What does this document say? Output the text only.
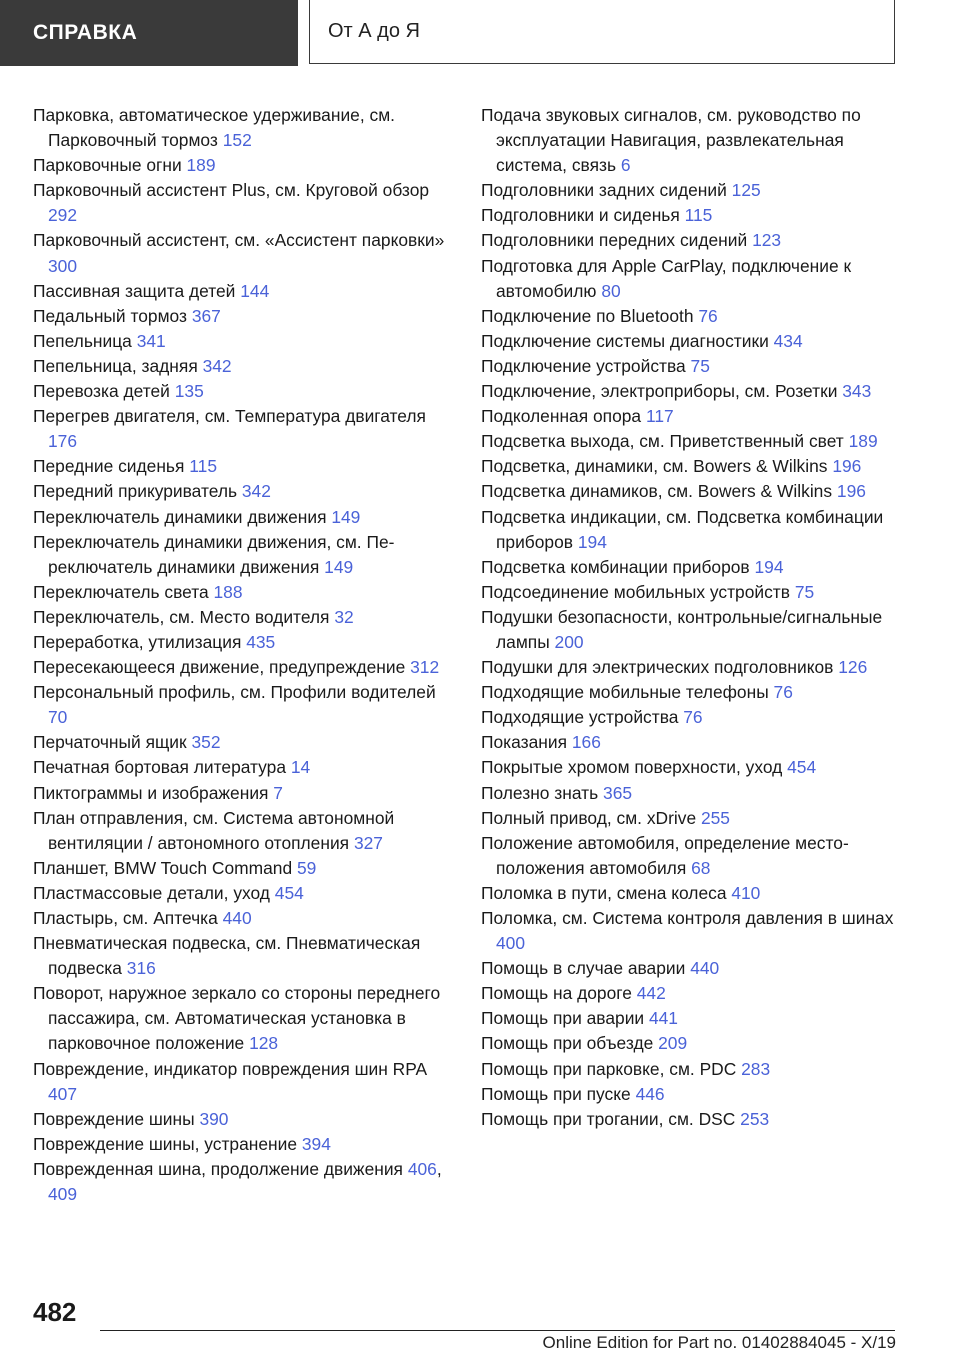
СПРАВКА	От А до Я

Парковка, автоматическое удерживание, см. Парковочный тормоз 152

Парковочные огни 189

Парковочный ассистент Plus, см. Круговой обзор 292

Парковочный ассистент, см. «Ассистент парковки» 300

Пассивная защита детей 144

Педальный тормоз 367

Пепельница 341

Пепельница, задняя 342

Перевозка детей 135

Перегрев двигателя, см. Температура двигателя 176

Передние сиденья 115

Передний прикуриватель 342

Переключатель динамики движения 149

Переключатель динамики движения, см. Переключатель динамики движения 149

Переключатель света 188

Переключатель, см. Место водителя 32

Переработка, утилизация 435

Пересекающееся движение, предупреждение 312

Персональный профиль, см. Профили водителей 70

Перчаточный ящик 352

Печатная бортовая литература 14

Пиктограммы и изображения 7

План отправления, см. Система автономной вентиляции / автономного отопления 327

Планшет, BMW Touch Command 59

Пластмассовые детали, уход 454

Пластырь, см. Аптечка 440

Пневматическая подвеска, см. Пневматическая подвеска 316

Поворот, наружное зеркало со стороны переднего пассажира, см. Автоматическая установка в парковочное положение 128

Повреждение, индикатор повреждения шин RPA 407

Повреждение шины 390

Повреждение шины, устранение 394

Поврежденная шина, продолжение движения 406, 409

Подача звуковых сигналов, см. руководство по эксплуатации Навигация, развлекательная система, связь 6

Подголовники задних сидений 125

Подголовники и сиденья 115

Подголовники передних сидений 123

Подготовка для Apple CarPlay, подключение к автомобилю 80

Подключение по Bluetooth 76

Подключение системы диагностики 434

Подключение устройства 75

Подключение, электроприборы, см. Розетки 343

Подколенная опора 117

Подсветка выхода, см. Приветственный свет 189

Подсветка, динамики, см. Bowers & Wilkins 196

Подсветка динамиков, см. Bowers & Wilkins 196

Подсветка индикации, см. Подсветка комбинации приборов 194

Подсветка комбинации приборов 194

Подсоединение мобильных устройств 75

Подушки безопасности, контрольные/сигнальные лампы 200

Подушки для электрических подголовников 126

Подходящие мобильные телефоны 76

Подходящие устройства 76

Показания 166

Покрытые хромом поверхности, уход 454

Полезно знать 365

Полный привод, см. xDrive 255

Положение автомобиля, определение местоположения автомобиля 68

Поломка в пути, смена колеса 410

Поломка, см. Система контроля давления в шинах 400

Помощь в случае аварии 440

Помощь на дороге 442

Помощь при аварии 441

Помощь при объезде 209

Помощь при парковке, см. PDC 283

Помощь при пуске 446

Помощь при трогании, см. DSC 253

482
Online Edition for Part no. 01402884045 - X/19
